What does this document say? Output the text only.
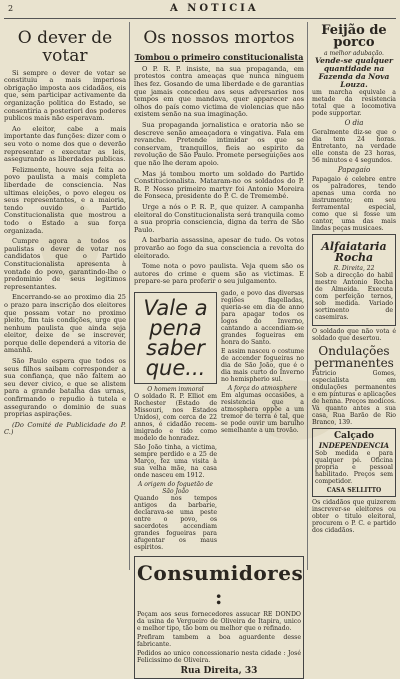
2	A NOTICIA
O dever de votar

Si sempre o dever de votar se constituiu a mais imperiosa obrigação imposta aos cidadãos, eis que, sem participar activamente da organização politica do Estado, se consentiria a posteriori dos poderes publicos mais não esperavam.

Ao eleitor, cabe a mais importante das funções: dizer com o seu voto o nome dos que o deverão representar e executar as leis, assegurando as liberdades publicas.

Felizmente, houve seja feita ao povo paulista a mais completa liberdade de consciencia. Nas ultimas eleições, o povo elegeu os seus representantes, e a maioria, tendo ouvido o Partido Constitucionalista que mostrou a todo o Estado a sua força organizada.

Cumpre agora a todos os paulistas o dever de votar nos candidatos que o Partido Constitucionalista apresenta à vontade do povo, garantindo-lhe o predominio de seus legitimos representantes.

Encerrando-se ao proximo dia 25 o prazo para inscrição dos eleitores que possam votar no proximo pleito, fim tais condições, urge que nenhum paulista que ainda seja eleitor, deixe de se inscrever, porque delle dependerá a vitoria de amanhã.

São Paulo espera que todos os seus filhos saibam corresponder a sua confiança, que não faltem ao seu dever civico, e que se alistem para a grande batalha das urnas, confirmando o repudio à tutela e assegurando o dominio de suas proprias aspirações.

(Do Comité de Publicidade do P. C.)

Os nossos mortos
Tombou o primeiro constitucionalista

O P. R. P. insiste, na sua propaganda, em protestos contra ameaças que nunca ninguem lhes fez. Gosando de uma liberdade e de garantias que jamais concedeu aos seus adversarios nos tempos em que mandava, quer apparecer aos olhos do país como victima de violencias que não existem senão na sua imaginação.

Sua propaganda jornalistica e oratoria não se descreve senão ameaçadora e vingativa. Fala em revanche. Pretende intimidar os que se conservam, tranquillos, fieis ao espirito da revolução de São Paulo. Promete perseguições aos que não lhe deram apoio.

Mas já tombou morto um soldado do Partido Constitucionalista. Mataram-no os soldados do P. R. P. Nosso primeiro martyr foi Antonio Moreira de Fonseca, presidente do P. C. de Tremembé.

Urge a nós o P. R. P., que quizer. A campanha eleitoral do Constitucionalista será tranquila como a sua propria consciencia, digna da terra de São Paulo.

A barbaria assassina, apesar de tudo. Os votos provarão ao fogo da sua consciencia a revolta do eleitorado.

Tome nota o povo paulista. Veja quem são os autores do crime e quem são as victimas. E prepare-se para proferir o seu julgamento.

Vale a pena saber que...
O homem immoral

O soldado R. P. Elliot em Rochester (Estado de Missouri, nos Estados Unidos), com cerca de 22 annos, é cidadão recem-imigrado e tido como modelo de honradez.

São João tinha, a victima, sempre perdido e a 25 de Março, fez uma visita à sua velha mãe, na casa onde nasceu em 1912.

A origem do foguetão de São João

Quando nos tempos antigos da barbarie, declarava-se uma peste entre o povo, os sacerdotes accendiam grandes fogueiras para afugentar os maus espiritos.

gado, e povo das diversas regiões flagelladas, queria-se em dia de anno para apagar todos os logos do Inverno, cantando a accendiam-se grandes fogueiras em honra do Santo.

E assim nasceu o costume de accender fogueiras no dia de São João, que é o dia mais curto do Inverno no hemispherio sul.

A força do atmosphere

Em algumas occasiões, a resistencia que a atmosphera oppõe a um tremor de terra é tal, que se pode ouvir um barulho semelhante a um trovão.

Consumidores :

Peçam aos seus fornecedores assucar RE DONDO da usina de Vergueiro de Oliveira de Itapira, unico e melhor tipo, tão bom ou melhor que o refinado.

Prefiram tambem a boa aguardente desse fabricante.

Pedidos ao unico concessionario nesta cidade : José Felicissimo de Oliveira.

Rua Direita, 33
Feijão de porco
a melhor adubação.
Vende-se qualquer quantidade na Fazenda da Nova Louza.

um marcha equivale a metade da resistencia total que a locomotiva pode supportar.

O dia

Geralmente diz-se que o dia tem 24 horas. Entretanto, na verdade elle consta de 23 horas, 56 minutos e 4 segundos.

Papagaio

Papagaio é celebre entre os palradores, tendo apenas uma corda no instrumento; em seu ferramental especial, como que si fosse um cantor, uma das mais lindas peças musicaes.

Alfaiataria Rocha
R. Direita, 22

Sob a direcção do habil mestre Antonio Rocha de Almeida. Executa com perfeição ternos, sob medida. Variado sortimento de casemiras.

O soldado que não vota é soldado que desertou.

Ondulações permanentes

Patricio Gomes, especialista em ondulações permanentes e em pinturas e aplicações de henna. Preços modicos. Vá quanto antes a sua casa, Rua Barão de Rio Branco, 139.

Calçado
INDEPENDENCIA

Sob medida e para qualquer pé. Oficina propria e pessoal habilitado. Preços sem competidor.

CASA SELLITTO

Os cidadãos que quizerem inscrever-se eleitores ou obter o titulo eleitoral, procurem o P. C. e partido dos cidadãos.
